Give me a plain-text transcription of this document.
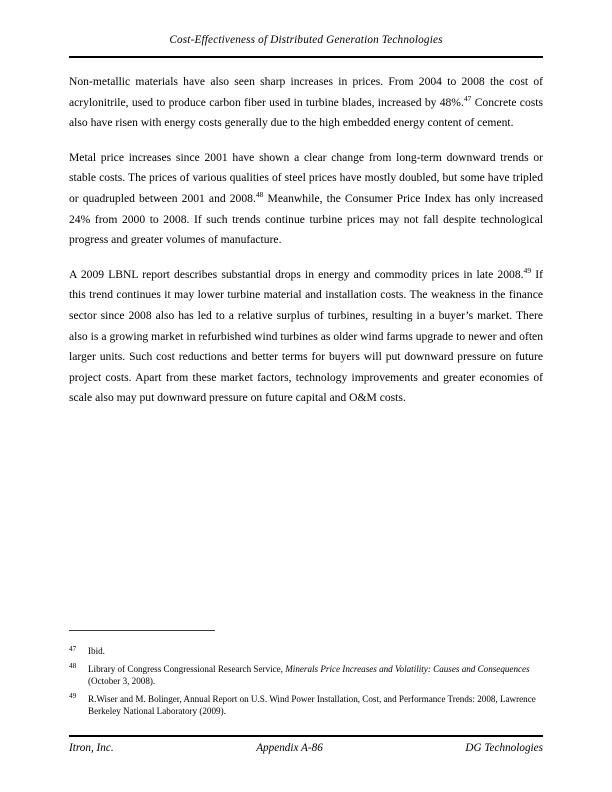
Cost-Effectiveness of Distributed Generation Technologies

Non-metallic materials have also seen sharp increases in prices. From 2004 to 2008 the cost of acrylonitrile, used to produce carbon fiber used in turbine blades, increased by 48%.$^{47}$ Concrete costs also have risen with energy costs generally due to the high embedded energy content of cement.

Metal price increases since 2001 have shown a clear change from long-term downward trends or stable costs. The prices of various qualities of steel prices have mostly doubled, but some have tripled or quadrupled between 2001 and 2008.48 Meanwhile, the Consumer Price Index has only increased 24% from 2000 to 2008. If such trends continue turbine prices may not fall despite technological progress and greater volumes of manufacture.

A 2009 LBNL report describes substantial drops in energy and commodity prices in late 2008.49 If this trend continues it may lower turbine material and installation costs. The weakness in the finance sector since 2008 also has led to a relative surplus of turbines, resulting in a buyer’s market. There also is a growing market in refurbished wind turbines as older wind farms upgrade to newer and often larger units. Such cost reductions and better terms for buyers will put downward pressure on future project costs. Apart from these market factors, technology improvements and greater economies of scale also may put downward pressure on future capital and O&M costs.

47 Ibid.
48 Library of Congress Congressional Research Service, Minerals Price Increases and Volatility: Causes and Consequences (October 3, 2008).
49 R.Wiser and M. Bolinger, Annual Report on U.S. Wind Power Installation, Cost, and Performance Trends: 2008, Lawrence Berkeley National Laboratory (2009).
Itron, Inc.	Appendix A-86	DG Technologies
